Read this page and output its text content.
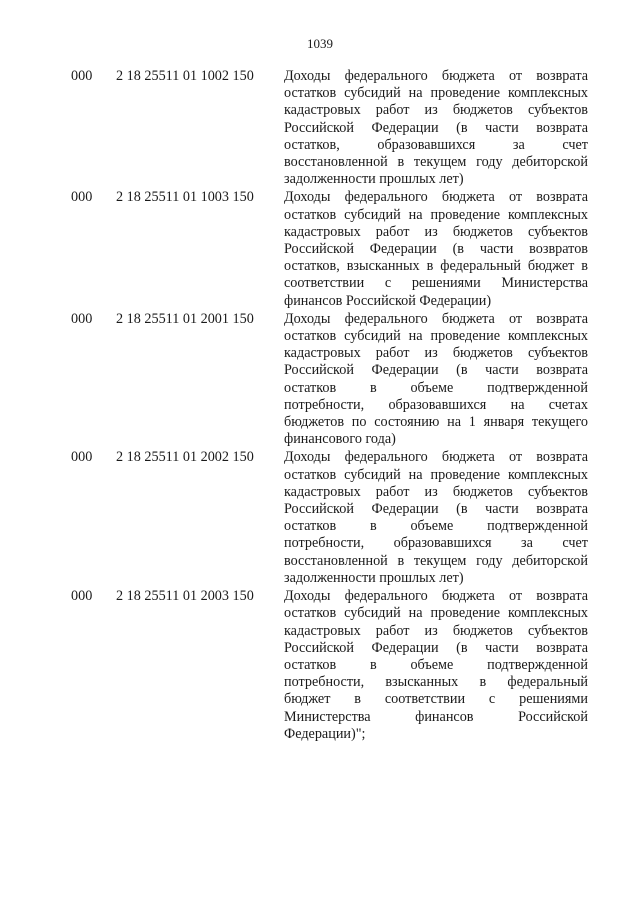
1039
000 2 18 25511 01 1002 150 Доходы федерального бюджета от возврата
остатков субсидий на проведение комплексных
кадастровых работ из бюджетов субъектов
Российской Федерации (в части возврата
остатков, образовавшихся за счет
восстановленной в текущем году дебиторской
задолженности прошлых лет)
000 2 18 25511 01 1003 150 Доходы федерального бюджета от возврата
остатков субсидий на проведение комплексных
кадастровых работ из бюджетов субъектов
Российской Федерации (в части возвратов
остатков, взысканных в федеральный бюджет в
соответствии с решениями Министерства
финансов Российской Федерации)
000 2 18 25511 01 2001 150 Доходы федерального бюджета от возврата
остатков субсидий на проведение комплексных
кадастровых работ из бюджетов субъектов
Российской Федерации (в части возврата
остатков в объеме подтвержденной
потребности, образовавшихся на счетах
бюджетов по состоянию на 1 января текущего
финансового года)
000 2 18 25511 01 2002 150 Доходы федерального бюджета от возврата
остатков субсидий на проведение комплексных
кадастровых работ из бюджетов субъектов
Российской Федерации (в части возврата
остатков в объеме подтвержденной
потребности, образовавшихся за счет
восстановленной в текущем году дебиторской
задолженности прошлых лет)
000 2 18 25511 01 2003 150 Доходы федерального бюджета от возврата
остатков субсидий на проведение комплексных
кадастровых работ из бюджетов субъектов
Российской Федерации (в части возврата
остатков в объеме подтвержденной
потребности, взысканных в федеральный
бюджет в соответствии с решениями
Министерства финансов Российской
Федерации)";
